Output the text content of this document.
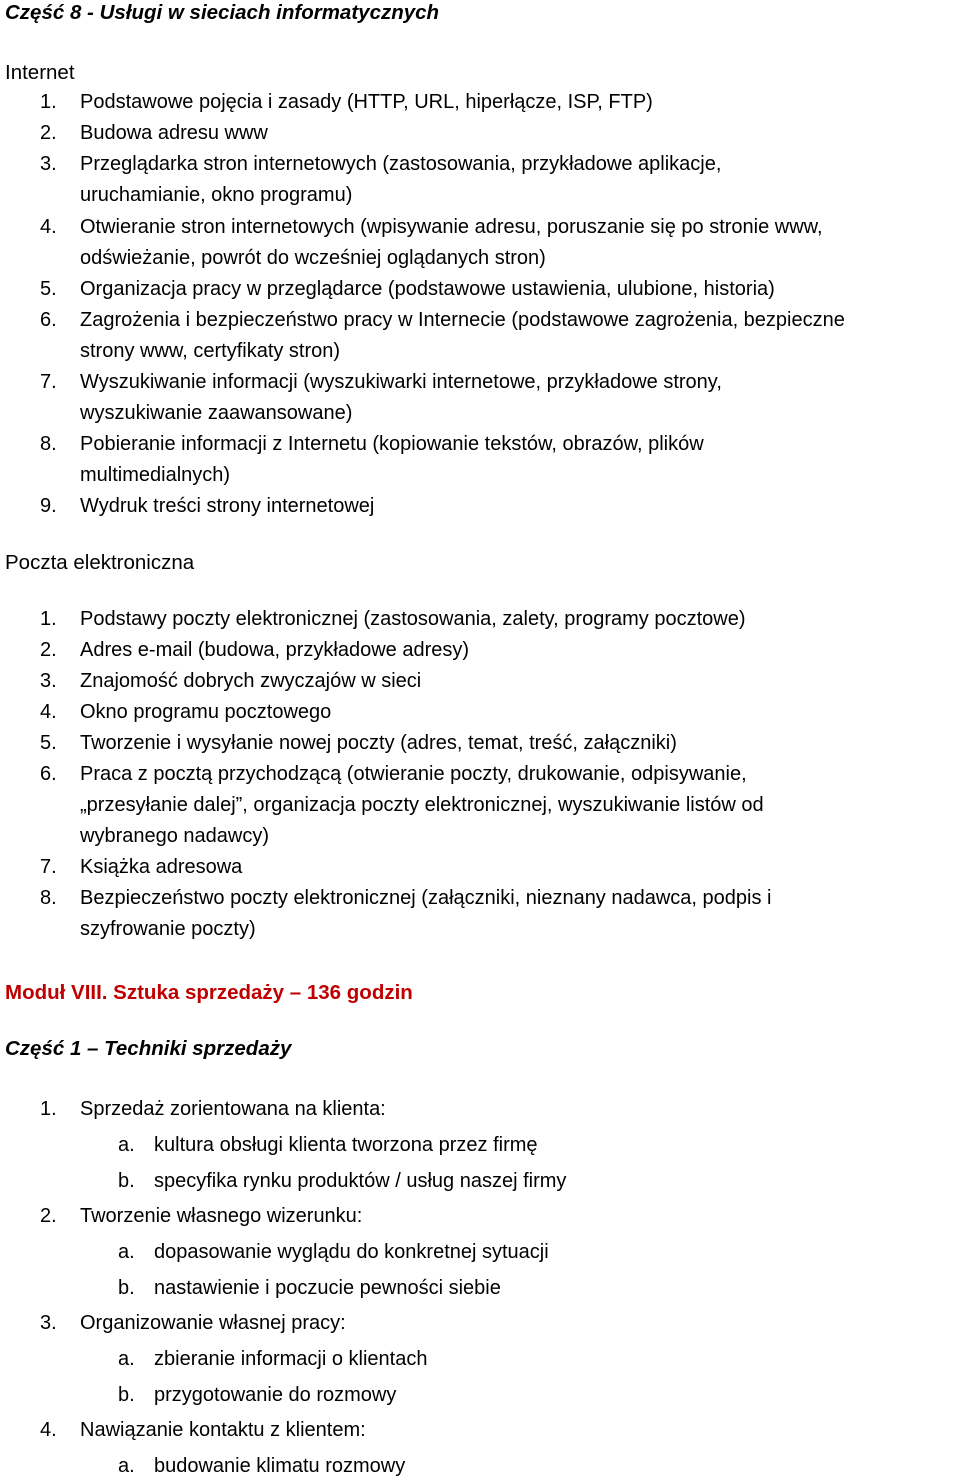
Część 8 - Usługi w sieciach informatycznych
Internet
1. Podstawowe pojęcia i zasady (HTTP, URL, hiperłącze, ISP, FTP)
2. Budowa adresu www
3. Przeglądarka stron internetowych (zastosowania, przykładowe aplikacje,
uruchamianie, okno programu)
4. Otwieranie stron internetowych (wpisywanie adresu, poruszanie się po stronie www,
odświeżanie, powrót do wcześniej oglądanych stron)
5. Organizacja pracy w przeglądarce (podstawowe ustawienia, ulubione, historia)
6. Zagrożenia i bezpieczeństwo pracy w Internecie (podstawowe zagrożenia, bezpieczne
strony www, certyfikaty stron)
7. Wyszukiwanie informacji (wyszukiwarki internetowe, przykładowe strony,
wyszukiwanie zaawansowane)
8. Pobieranie informacji z Internetu (kopiowanie tekstów, obrazów, plików
multimedialnych)
9. Wydruk treści strony internetowej
Poczta elektroniczna
1. Podstawy poczty elektronicznej (zastosowania, zalety, programy pocztowe)
2. Adres e-mail (budowa, przykładowe adresy)
3. Znajomość dobrych zwyczajów w sieci
4. Okno programu pocztowego
5. Tworzenie i wysyłanie nowej poczty (adres, temat, treść, załączniki)
6. Praca z pocztą przychodzącą (otwieranie poczty, drukowanie, odpisywanie,
„przesyłanie dalej”, organizacja poczty elektronicznej, wyszukiwanie listów od
wybranego nadawcy)
7. Książka adresowa
8. Bezpieczeństwo poczty elektronicznej (załączniki, nieznany nadawca, podpis i
szyfrowanie poczty)
Moduł VIII. Sztuka sprzedaży – 136 godzin
Część 1 – Techniki sprzedaży
1. Sprzedaż zorientowana na klienta:
a. kultura obsługi klienta tworzona przez firmę
b. specyfika rynku produktów / usług naszej firmy
2. Tworzenie własnego wizerunku:
a. dopasowanie wyglądu do konkretnej sytuacji
b. nastawienie i poczucie pewności siebie
3. Organizowanie własnej pracy:
a. zbieranie informacji o klientach
b. przygotowanie do rozmowy
4. Nawiązanie kontaktu z klientem:
a. budowanie klimatu rozmowy
